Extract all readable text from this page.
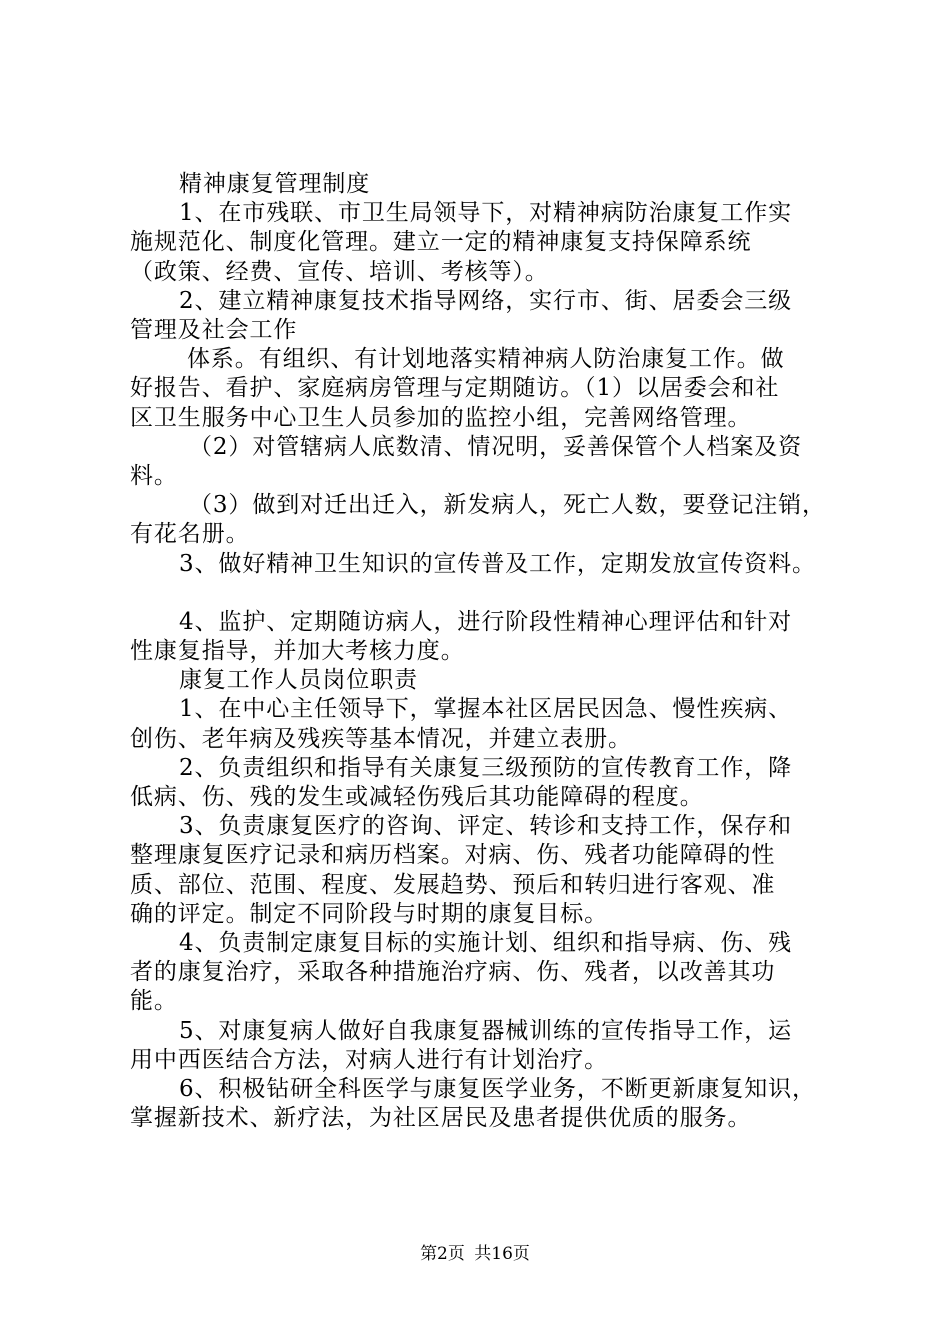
精神康复管理制度
1、在市残联、市卫生局领导下，对精神病防治康复工作实
施规范化、制度化管理。建立一定的精神康复支持保障系统
（政策、经费、宣传、培训、考核等）。
2、建立精神康复技术指导网络，实行市、街、居委会三级
管理及社会工作
体系。有组织、有计划地落实精神病人防治康复工作。做
好报告、看护、家庭病房管理与定期随访。（1）以居委会和社
区卫生服务中心卫生人员参加的监控小组，完善网络管理。
（2）对管辖病人底数清、情况明，妥善保管个人档案及资
料。
（3）做到对迁出迁入，新发病人，死亡人数，要登记注销，
有花名册。
3、做好精神卫生知识的宣传普及工作，定期发放宣传资料。
4、监护、定期随访病人，进行阶段性精神心理评估和针对
性康复指导，并加大考核力度。
康复工作人员岗位职责
1、在中心主任领导下，掌握本社区居民因急、慢性疾病、
创伤、老年病及残疾等基本情况，并建立表册。
2、负责组织和指导有关康复三级预防的宣传教育工作，降
低病、伤、残的发生或减轻伤残后其功能障碍的程度。
3、负责康复医疗的咨询、评定、转诊和支持工作，保存和
整理康复医疗记录和病历档案。对病、伤、残者功能障碍的性
质、部位、范围、程度、发展趋势、预后和转归进行客观、准
确的评定。制定不同阶段与时期的康复目标。
4、负责制定康复目标的实施计划、组织和指导病、伤、残
者的康复治疗，采取各种措施治疗病、伤、残者，以改善其功
能。
5、对康复病人做好自我康复器械训练的宣传指导工作，运
用中西医结合方法，对病人进行有计划治疗。
6、积极钻研全科医学与康复医学业务，不断更新康复知识，
掌握新技术、新疗法，为社区居民及患者提供优质的服务。
第2页 共16页
